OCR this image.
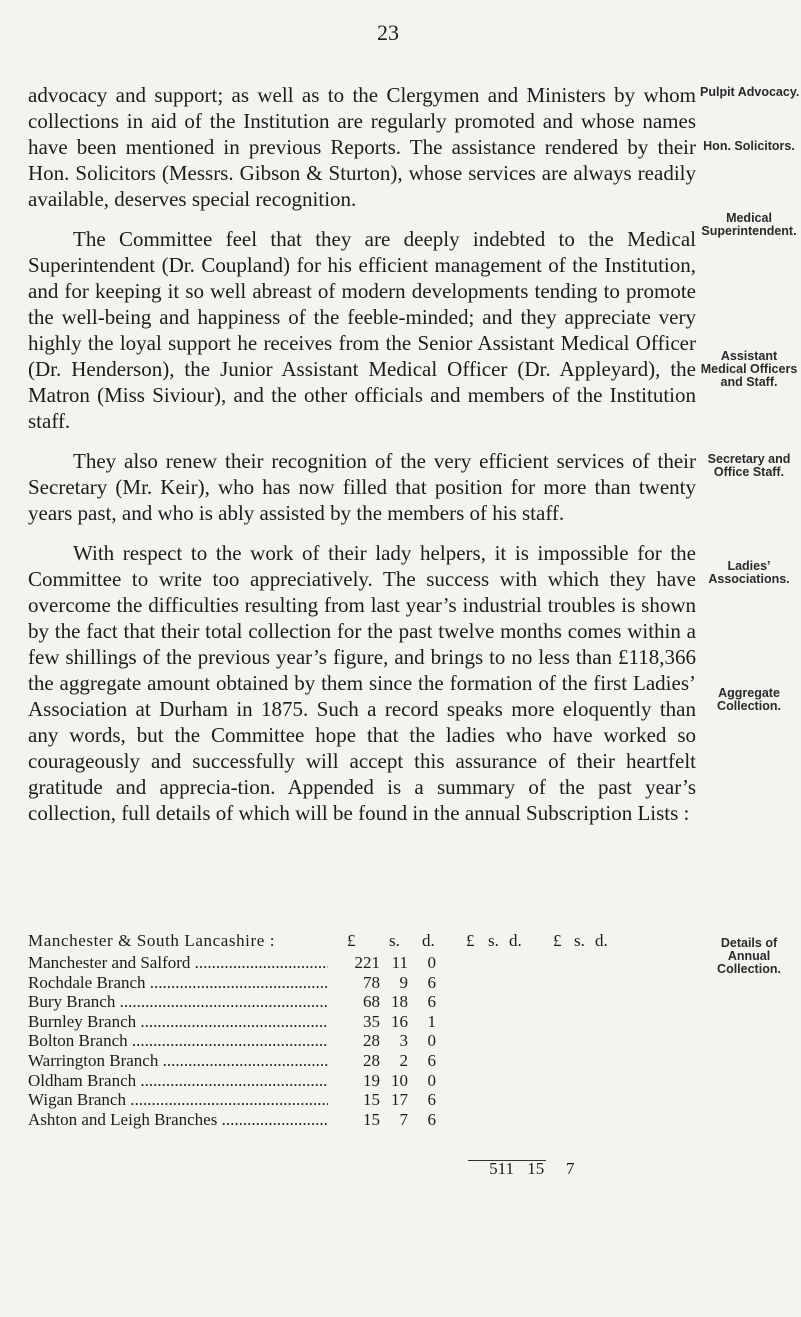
23

advocacy and support; as well as to the Clergymen and Ministers by whom collections in aid of the Institution are regularly promoted and whose names have been mentioned in previous Reports. The assistance rendered by their Hon. Solicitors (Messrs. Gibson & Sturton), whose services are always readily available, deserves special recognition.

The Committee feel that they are deeply indebted to the Medical Superintendent (Dr. Coupland) for his efficient management of the Institution, and for keeping it so well abreast of modern developments tending to promote the well-being and happiness of the feeble-minded; and they appreciate very highly the loyal support he receives from the Senior Assistant Medical Officer (Dr. Henderson), the Junior Assistant Medical Officer (Dr. Appleyard), the Matron (Miss Siviour), and the other officials and members of the Institution staff.

They also renew their recognition of the very efficient services of their Secretary (Mr. Keir), who has now filled that position for more than twenty years past, and who is ably assisted by the members of his staff.

With respect to the work of their lady helpers, it is impossible for the Committee to write too appreciatively. The success with which they have overcome the difficulties resulting from last year’s industrial troubles is shown by the fact that their total collection for the past twelve months comes within a few shillings of the previous year’s figure, and brings to no less than £118,366 the aggregate amount obtained by them since the formation of the first Ladies’ Association at Durham in 1875. Such a record speaks more eloquently than any words, but the Committee hope that the ladies who have worked so courageously and successfully will accept this assurance of their heartfelt gratitude and apprecia-tion. Appended is a summary of the past year’s collection, full details of which will be found in the annual Subscription Lists :

Pulpit Advocacy.
Hon. Solicitors.
Medical Superintendent.
Assistant Medical Officers and Staff.
Secretary and Office Staff.
Ladies’ Associations.
Aggregate Collection.
Details of Annual Collection.
Manchester & South Lancashire :	£ s. d. £ s. d. £ s. d.
Manchester and Salford .....	221 11	0
Rochdale Branch .....	78	9	6
Bury Branch .....	68 18	6
Burnley Branch .....	35 16	1
Bolton Branch .....	28	3	0
Warrington Branch .....	28	2	6
Oldham Branch .....	19 10	0
Wigan Branch .....	15 17	6
Ashton and Leigh Branches .....	15	7	6
511 15 7
